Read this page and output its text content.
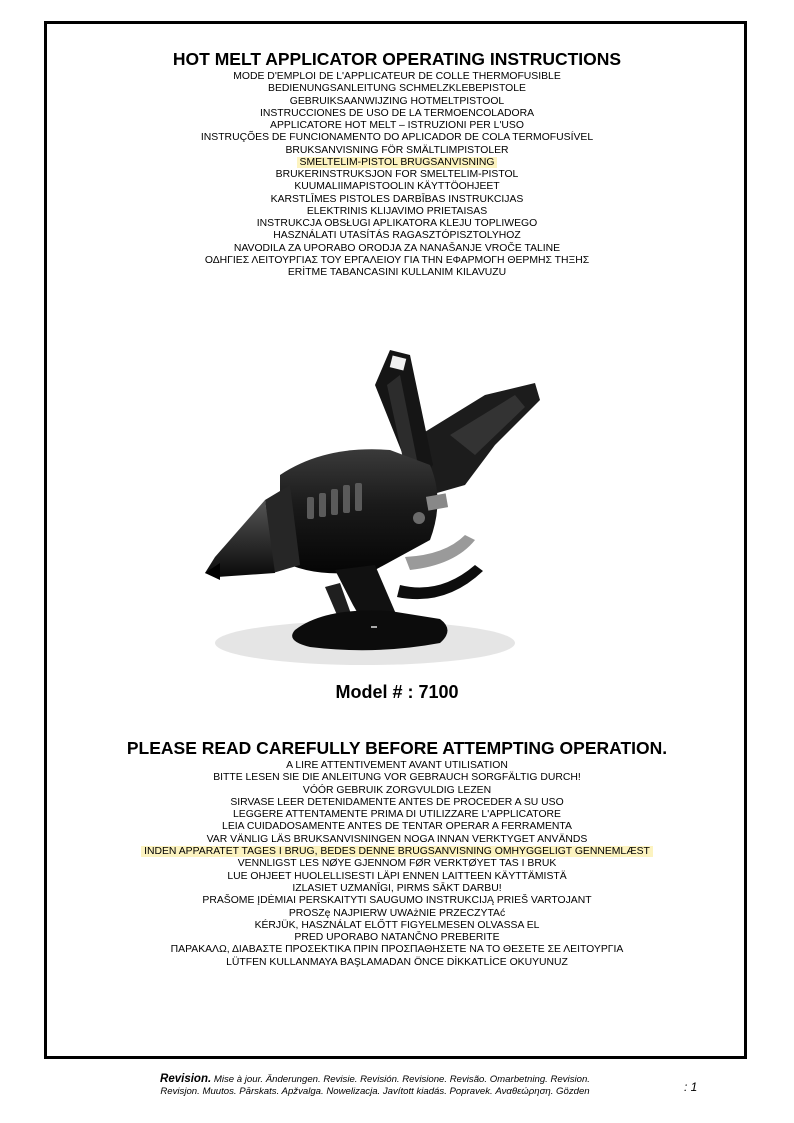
HOT MELT APPLICATOR OPERATING INSTRUCTIONS
MODE D'EMPLOI DE L'APPLICATEUR DE COLLE THERMOFUSIBLE
BEDIENUNGSANLEITUNG SCHMELZKLEBEPISTOLE
GEBRUIKSAANWIJZING HOTMELTPISTOOL
INSTRUCCIONES DE USO DE LA TERMOENCOLADORA
APPLICATORE HOT MELT – ISTRUZIONI PER L'USO
INSTRUÇÕES DE FUNCIONAMENTO DO APLICADOR DE COLA TERMOFUSÍVEL
BRUKSANVISNING FÖR SMÄLTLIMPISTOLER
SMELTELIM-PISTOL BRUGSANVISNING
BRUKERINSTRUKSJON FOR SMELTELIM-PISTOL
KUUMALIIMAPISTOOLIN KÄYTTÖOHJEET
KARSTLĪMES PISTOLES DARBĪBAS INSTRUKCIJAS
ELEKTRINIS KLIJAVIMO PRIETAISAS
INSTRUKCJA OBSŁUGI APLIKATORA KLEJU TOPLIWEGO
HASZNÁLATI UTASÍTÁS RAGASZTÓPISZTOLYHOZ
NAVODILA ZA UPORABO ORODJA ZA NANAŠANJE VROČE TALINE
ΟΔΗΓΙΕΣ ΛΕΙΤΟΥΡΓΙΑΣ ΤΟΥ ΕΡΓΑΛΕΙΟΥ ΓΙΑ ΤΗΝ ΕΦΑΡΜΟΓΗ ΘΕΡΜΗΣ ΤΗΞΗΣ
ERİTME TABANCASINI KULLANIM KILAVUZU
Model # : 7100
PLEASE READ CAREFULLY BEFORE ATTEMPTING OPERATION.
A LIRE ATTENTIVEMENT AVANT UTILISATION
BITTE LESEN SIE DIE ANLEITUNG VOR GEBRAUCH SORGFÄLTIG DURCH!
VÓÓR GEBRUIK ZORGVULDIG LEZEN
SIRVASE LEER DETENIDAMENTE ANTES DE PROCEDER A SU USO
LEGGERE ATTENTAMENTE PRIMA DI UTILIZZARE L'APPLICATORE
LEIA CUIDADOSAMENTE ANTES DE TENTAR OPERAR A FERRAMENTA
VAR VÄNLIG LÄS BRUKSANVISNINGEN NOGA INNAN VERKTYGET ANVÄNDS
INDEN APPARATET TAGES I BRUG, BEDES DENNE BRUGSANVISNING OMHYGGELIGT GENNEMLÆST
VENNLIGST LES NØYE GJENNOM FØR VERKTØYET TAS I BRUK
LUE OHJEET HUOLELLISESTI LÄPI ENNEN LAITTEEN KÄYTTÄMISTÄ
IZLASIET UZMANĪGI, PIRMS SĀKT DARBU!
PRAŠOME ĮDĖMIAI PERSKAITYTI SAUGUMO INSTRUKCIJĄ PRIEŠ VARTOJANT
PROSZę NAJPIERW UWAżNIE PRZECZYTAć
KÉRJÜK, HASZNÁLAT ELŐTT FIGYELMESEN OLVASSA EL
PRED UPORABO NATANČNO PREBERITE
ΠΑΡΑΚΑΛΩ, ΔΙΑΒΑΣΤΕ ΠΡΟΣΕΚΤΙΚΑ ΠΡΙΝ ΠΡΟΣΠΑΘΗΣΕΤΕ ΝΑ ΤΟ ΘΕΣΕΤΕ ΣΕ ΛΕΙΤΟΥΡΓΙΑ
LÜTFEN KULLANMAYA BAŞLAMADAN ÖNCE DİKKATLİCE OKUYUNUZ
Revision. Mise à jour. Änderungen. Revisie. Revisión. Revisione. Revisão. Omarbetning. Revision.
Revisjon. Muutos. Pārskats. Apžvalga. Nowelizacja. Javított kiadás. Popravek. Αναθεώρηση. Gözden	: 1
